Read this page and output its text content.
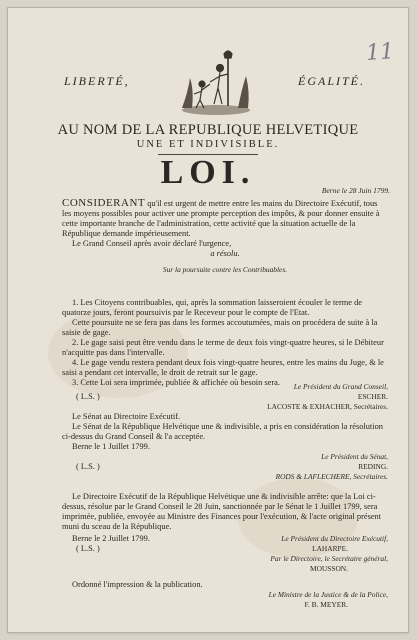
11
LIBERTÉ,	ÉGALITÉ.
AU NOM DE LA REPUBLIQUE HELVETIQUE
UNE ET INDIVISIBLE.
LOI.	Berne le 28 Juin 1799.

CONSIDERANT qu'il est urgent de mettre entre les mains du Directoire Exécutif, tous les moyens possibles pour activer une prompte perception des impôts, & pour donner ensuite à cette importante branche de l'administration, cette activité que la situation actuelle de la République demande impérieusement.

Le Grand Conseil après avoir déclaré l'urgence,

a résolu.

Sur la poursuite contre les Contribuables.

1. Les Citoyens contribuables, qui, après la sommation laisseroient écouler le terme de quatorze jours, feront poursuivis par le Receveur pour le compte de l'Etat.

Cette poursuite ne se fera pas dans les formes accoutumées, mais on procédera de suite à la saisie de gage.

2. Le gage saisi peut être vendu dans le terme de deux fois vingt-quatre heures, si le Débiteur n'acquitte pas dans l'intervalle.

4. Le gage vendu restera pendant deux fois vingt-quatre heures, entre les mains du Juge, & le saisi a pendant cet intervalle, le droit de retrait sur le gage.

3. Cette Loi sera imprimée, publiée & affichée où besoin sera.	Le Président du Grand Conseil,

( L.S. )	ESCHER.

LACOSTE & EXHACHER, Secrétaires.

Le Sénat au Directoire Exécutif.

Le Sénat de la République Helvétique une & indivisible, a pris en considération la résolution ci-dessus du Grand Conseil & l'a acceptée.

Berne le 1 Juillet 1799.

Le Président du Sénat,

( L.S. )	REDING.

RODS & LAFLECHERE, Secrétaires.

Le Directoire Exécutif de la République Helvétique une & indivisible arrête: que la Loi ci-dessus, résolue par le Grand Conseil le 28 Juin, sanctionnée par le Sénat le 1 Juillet 1799, sera imprimée, publiée, envoyée au Ministre des Finances pour l'exécution, & l'acte original présent muni du sceau de la République.

Berne le 2 Juillet 1799.	Le Président du Directoire Exécutif,

( L.S. )	LAHARPE.

Par le Directoire, le Secrétaire général,

MOUSSON.

Ordonné l'impression & la publication.

Le Ministre de la Justice & de la Police,

F. B. MEYER.
